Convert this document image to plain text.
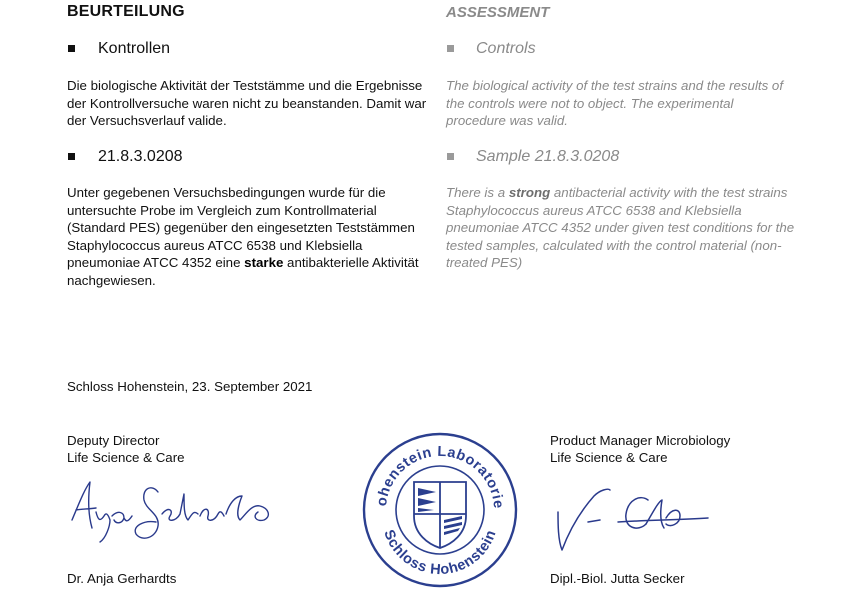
BEURTEILUNG
Kontrollen
Die biologische Aktivität der Teststämme und die Ergebnisse der Kontrollversuche waren nicht zu beanstanden. Damit war der Versuchsverlauf valide.
21.8.3.0208
Unter gegebenen Versuchsbedingungen wurde für die untersuchte Probe im Vergleich zum Kontrollmaterial (Standard PES) gegenüber den eingesetzten Teststämmen Staphylococcus aureus ATCC 6538 und Klebsiella pneumoniae ATCC 4352 eine starke antibakterielle Aktivität nachgewiesen.
ASSESSMENT
Controls
The biological activity of the test strains and the results of the controls were not to object. The experimental procedure was valid.
Sample 21.8.3.0208
There is a strong antibacterial activity with the test strains Staphylococcus aureus ATCC 6538 and Klebsiella pneumoniae ATCC 4352 under given test conditions for the tested samples, calculated with the control material (non-treated PES)
Schloss Hohenstein, 23. September 2021
Deputy Director
Life Science & Care
Dr. Anja Gerhardts
Hohenstein Laboratories
Schloss Hohenstein
Product Manager Microbiology
Life Science & Care
Dipl.-Biol. Jutta Secker
